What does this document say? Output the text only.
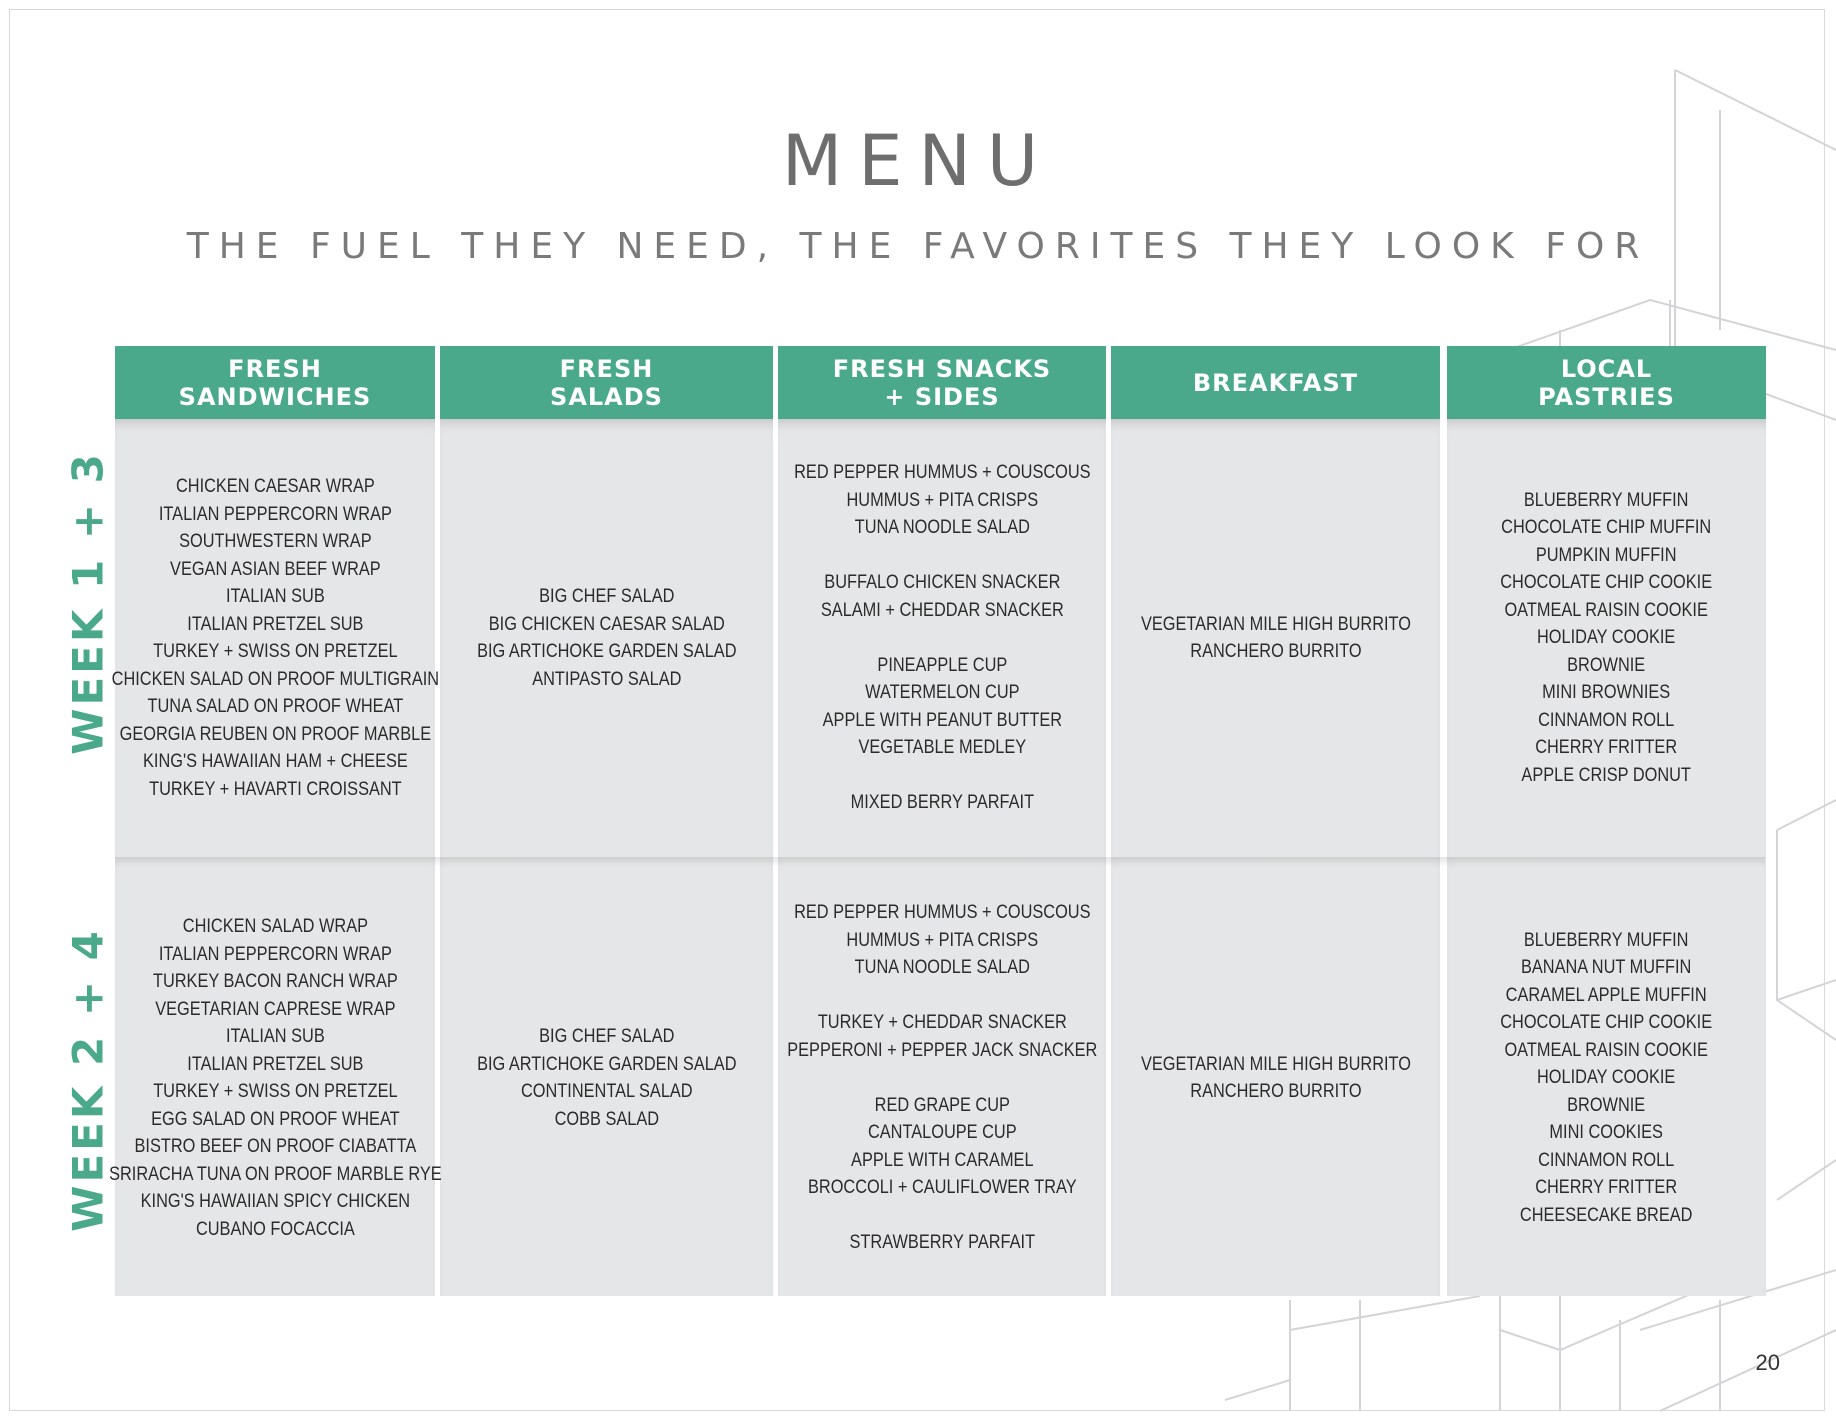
MENU
THE FUEL THEY NEED, THE FAVORITES THEY LOOK FOR
FRESH
SANDWICHES
FRESH
SALADS
FRESH SNACKS
+ SIDES	BREAKFAST	LOCAL
PASTRIES
WEEK 1 + 3
WEEK 2 + 4
CHICKEN CAESAR WRAP
ITALIAN PEPPERCORN WRAP
SOUTHWESTERN WRAP
VEGAN ASIAN BEEF WRAP
ITALIAN SUB
ITALIAN PRETZEL SUB
TURKEY + SWISS ON PRETZEL
CHICKEN SALAD ON PROOF MULTIGRAIN
TUNA SALAD ON PROOF WHEAT
GEORGIA REUBEN ON PROOF MARBLE
KING'S HAWAIIAN HAM + CHEESE
TURKEY + HAVARTI CROISSANT
BIG CHEF SALAD
BIG CHICKEN CAESAR SALAD
BIG ARTICHOKE GARDEN SALAD
ANTIPASTO SALAD
RED PEPPER HUMMUS + COUSCOUS
HUMMUS + PITA CRISPS
TUNA NOODLE SALAD
BUFFALO CHICKEN SNACKER
SALAMI + CHEDDAR SNACKER
PINEAPPLE CUP
WATERMELON CUP
APPLE WITH PEANUT BUTTER
VEGETABLE MEDLEY
MIXED BERRY PARFAIT
VEGETARIAN MILE HIGH BURRITO
RANCHERO BURRITO
BLUEBERRY MUFFIN
CHOCOLATE CHIP MUFFIN
PUMPKIN MUFFIN
CHOCOLATE CHIP COOKIE
OATMEAL RAISIN COOKIE
HOLIDAY COOKIE
BROWNIE
MINI BROWNIES
CINNAMON ROLL
CHERRY FRITTER
APPLE CRISP DONUT
CHICKEN SALAD WRAP
ITALIAN PEPPERCORN WRAP
TURKEY BACON RANCH WRAP
VEGETARIAN CAPRESE WRAP
ITALIAN SUB
ITALIAN PRETZEL SUB
TURKEY + SWISS ON PRETZEL
EGG SALAD ON PROOF WHEAT
BISTRO BEEF ON PROOF CIABATTA
SRIRACHA TUNA ON PROOF MARBLE RYE
KING'S HAWAIIAN SPICY CHICKEN
CUBANO FOCACCIA
BIG CHEF SALAD
BIG ARTICHOKE GARDEN SALAD
CONTINENTAL SALAD
COBB SALAD
RED PEPPER HUMMUS + COUSCOUS
HUMMUS + PITA CRISPS
TUNA NOODLE SALAD
TURKEY + CHEDDAR SNACKER
PEPPERONI + PEPPER JACK SNACKER
RED GRAPE CUP
CANTALOUPE CUP
APPLE WITH CARAMEL
BROCCOLI + CAULIFLOWER TRAY
STRAWBERRY PARFAIT
VEGETARIAN MILE HIGH BURRITO
RANCHERO BURRITO
BLUEBERRY MUFFIN
BANANA NUT MUFFIN
CARAMEL APPLE MUFFIN
CHOCOLATE CHIP COOKIE
OATMEAL RAISIN COOKIE
HOLIDAY COOKIE
BROWNIE
MINI COOKIES
CINNAMON ROLL
CHERRY FRITTER
CHEESECAKE BREAD
20
